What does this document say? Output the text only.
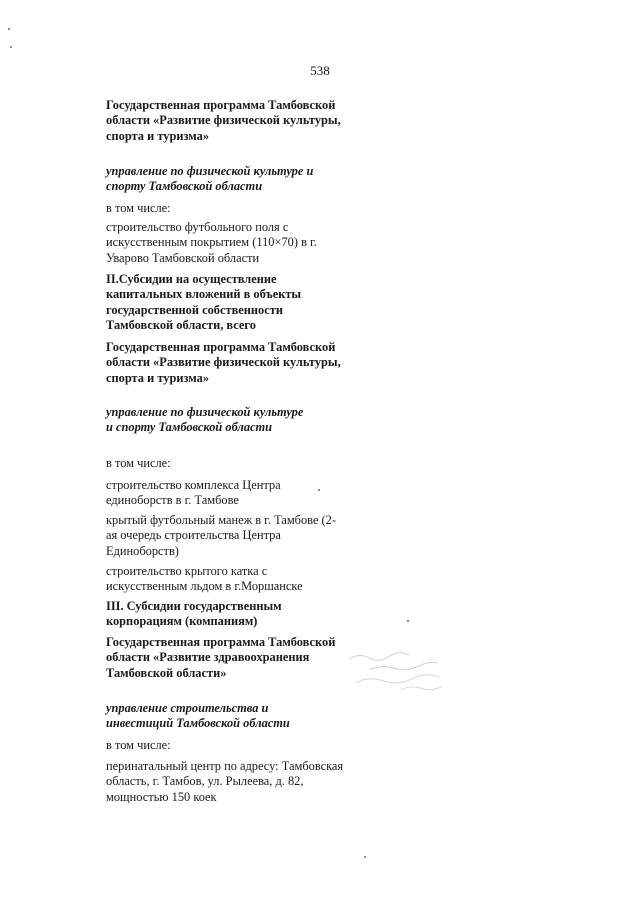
538
Государственная программа Тамбовской области «Развитие физической культуры, спорта и туризма»
управление по физической культуре и спорту Тамбовской области
в том числе:
строительство футбольного поля с искусственным покрытием (110×70) в г. Уварово Тамбовской области
II.Субсидии на осуществление капитальных вложений в объекты государственной собственности Тамбовской области, всего
Государственная программа Тамбовской области «Развитие физической культуры, спорта и туризма»
управление по физической культуре и спорту Тамбовской области
в том числе:
строительство комплекса Центра единоборств в г. Тамбове
крытый футбольный манеж в г. Тамбове (2-ая очередь строительства Центра Единоборств)
строительство крытого катка с искусственным льдом в г.Моршанске
III. Субсидии государственным корпорациям (компаниям)
Государственная программа Тамбовской области «Развитие здравоохранения Тамбовской области»
управление строительства и инвестиций Тамбовской области
в том числе:
перинатальный центр по адресу: Тамбовская область, г. Тамбов, ул. Рылеева, д. 82, мощностью 150 коек
